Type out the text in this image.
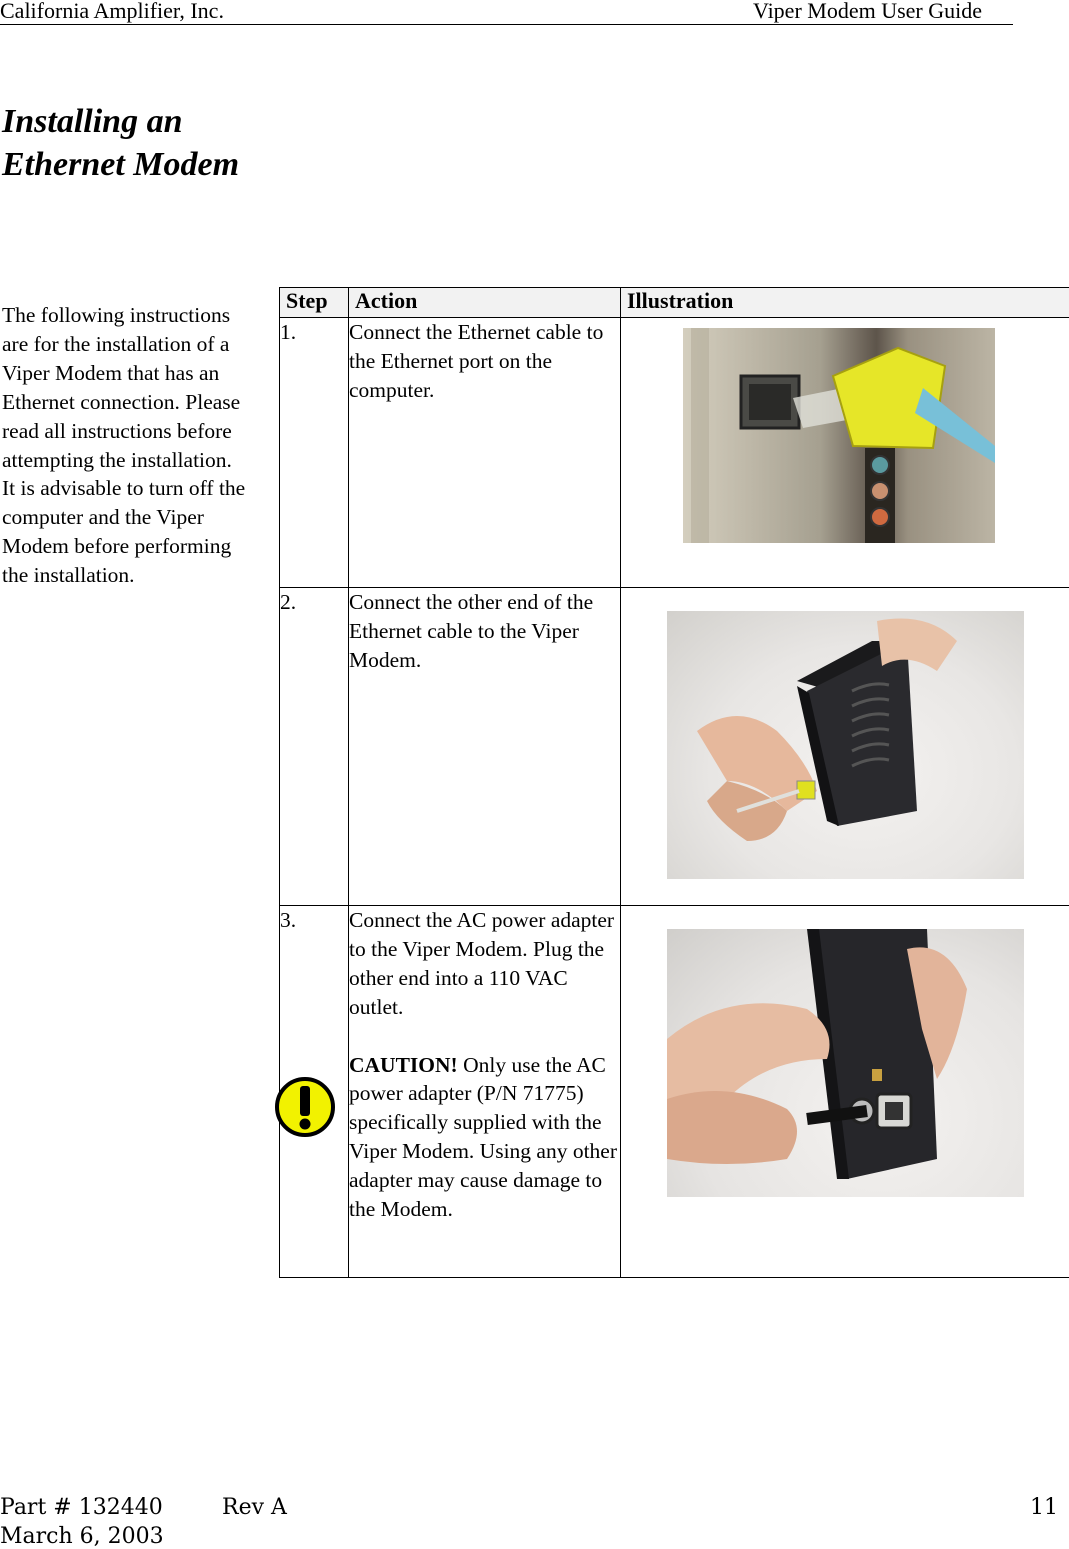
California Amplifier, Inc.	Viper Modem User Guide
Installing an
Ethernet Modem
The following instructions are for the installation of a Viper Modem that has an Ethernet connection. Please read all instructions before attempting the installation. It is advisable to turn off the computer and the Viper Modem before performing the installation.
Step	Action	Illustration
1.	Connect the Ethernet cable to the Ethernet port on the computer.	

2.	Connect the other end of the Ethernet cable to the Viper Modem.	

3.	Connect the AC power adapter to the Viper Modem. Plug the other end into a 110 VAC outlet.

CAUTION! Only use the AC power adapter (P/N 71775) specifically supplied with the Viper Modem. Using any other adapter may cause damage to the Modem.

Part # 132440	Rev A	11
March 6, 2003
